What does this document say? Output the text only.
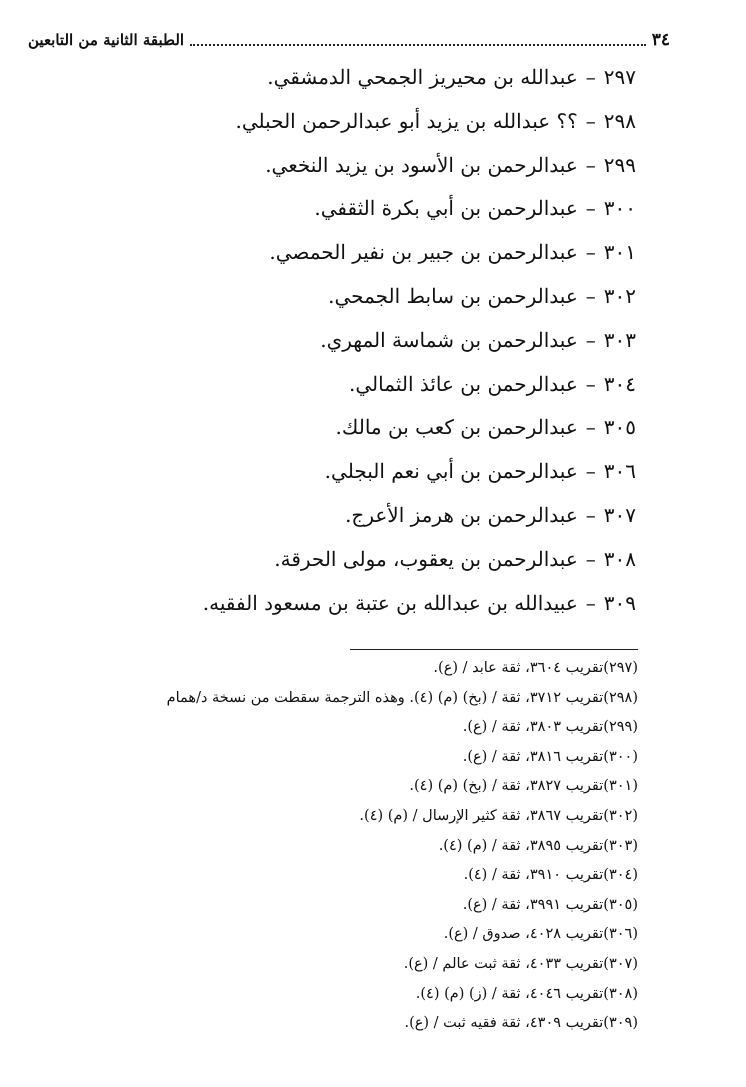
٣٤
الطبقة الثانية من التابعين
٢٩٧–عبدالله بن محيريز الجمحي الدمشقي.
٢٩٨–؟؟ عبدالله بن يزيد أبو عبدالرحمن الحبلي.
٢٩٩–عبدالرحمن بن الأسود بن يزيد النخعي.
٣٠٠–عبدالرحمن بن أبي بكرة الثقفي.
٣٠١–عبدالرحمن بن جبير بن نفير الحمصي.
٣٠٢–عبدالرحمن بن سابط الجمحي.
٣٠٣–عبدالرحمن بن شماسة المهري.
٣٠٤–عبدالرحمن بن عائذ الثمالي.
٣٠٥–عبدالرحمن بن كعب بن مالك.
٣٠٦–عبدالرحمن بن أبي نعم البجلي.
٣٠٧–عبدالرحمن بن هرمز الأعرج.
٣٠٨–عبدالرحمن بن يعقوب، مولى الحرقة.
٣٠٩–عبيدالله بن عبدالله بن عتبة بن مسعود الفقيه.
(٢٩٧)تقريب ٣٦٠٤، ثقة عابد / (ع).
(٢٩٨)تقريب ٣٧١٢، ثقة / (بخ) (م) (٤). وهذه الترجمة سقطت من نسخة د/همام
(٢٩٩)تقريب ٣٨٠٣، ثقة / (ع).
(٣٠٠)تقريب ٣٨١٦، ثقة / (ع).
(٣٠١)تقريب ٣٨٢٧، ثقة / (بخ) (م) (٤).
(٣٠٢)تقريب ٣٨٦٧، ثقة كثير الإرسال / (م) (٤).
(٣٠٣)تقريب ٣٨٩٥، ثقة / (م) (٤).
(٣٠٤)تقريب ٣٩١٠، ثقة / (٤).
(٣٠٥)تقريب ٣٩٩١، ثقة / (ع).
(٣٠٦)تقريب ٤٠٢٨، صدوق / (ع).
(٣٠٧)تقريب ٤٠٣٣، ثقة ثبت عالم / (ع).
(٣٠٨)تقريب ٤٠٤٦، ثقة / (ز) (م) (٤).
(٣٠٩)تقريب ٤٣٠٩، ثقة فقيه ثبت / (ع).
